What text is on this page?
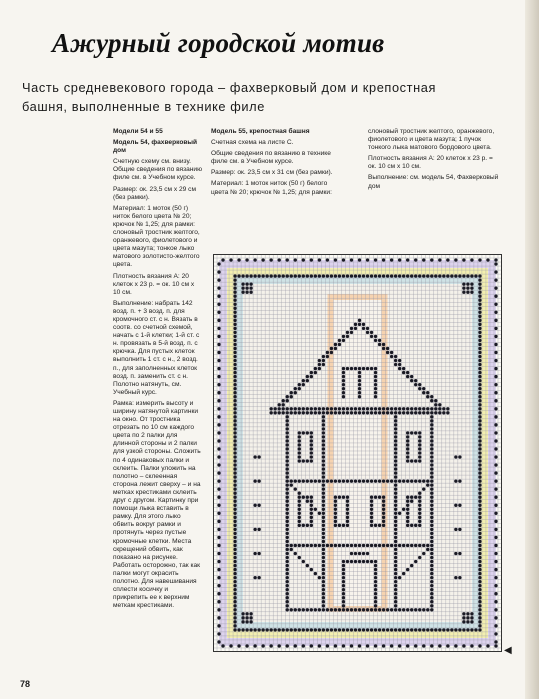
Ажурный городской мотив

Часть средневекового города – фахверковый дом и крепостная башня, выполненные в технике филе

Модели 54 и 55

Модель 54, фахверковый дом

Счетную схему см. внизу. Общие сведения по вязанию филе см. в Учебном курсе.

Размер: ок. 23,5 см х 29 см (без рамки).

Материал: 1 моток (50 г) ниток белого цвета № 20; крючок № 1,25; для рамки: слоновый тростник желтого, оранжевого, фиолетового и цвета мазута; тонкое лыко матового золотисто-желтого цвета.

Плотность вязания А: 20 клеток х 23 р. = ок. 10 см х 10 см.

Выполнение: набрать 142 возд. п. + 3 возд. п. для кромочного ст. с н. Вязать в соотв. со счетной схемой, начать с 1-й клетки; 1-й ст. с н. провязать в 5-й возд. п. с крючка. Для пустых клеток выполнить 1 ст. с н., 2 возд. п., для заполненных клеток возд. п. заменить ст. с н. Полотно натянуть, см. Учебный курс.

Рамка: измерить высоту и ширину натянутой картинки на окно. От тростника отрезать по 10 см каждого цвета по 2 палки для длинной стороны и 2 палки для узкой стороны. Сложить по 4 одинаковых палки и склеить. Палки уложить на полотно – склеенная сторона лежит сверху – и на метках крестиками склеить друг с другом. Картинку при помощи лыка вставить в рамку. Для этого лыко обвить вокруг рамки и протянуть через пустые кромочные клетки. Места скрещений обвить, как показано на рисунке. Работать осторожно, так как палки могут окрасить полотно. Для навешивания сплести косичку и прикрепить ее к верхним меткам крестиками.

Модель 55, крепостная башня

Счетная схема на листе С.

Общие сведения по вязанию в технике филе см. в Учебном курсе.

Размер: ок. 23,5 см х 31 см (без рамки).

Материал: 1 моток ниток (50 г) белого цвета № 20; крючок № 1,25; для рамки:

слоновый тростник желтого, оранжевого, фиолетового и цвета мазута; 1 пучок тонкого лыка матового бордового цвета.

Плотность вязания А: 20 клеток х 23 р. = ок. 10 см х 10 см.

Выполнение: см. модель 54, Фахверковый дом

◀
78
